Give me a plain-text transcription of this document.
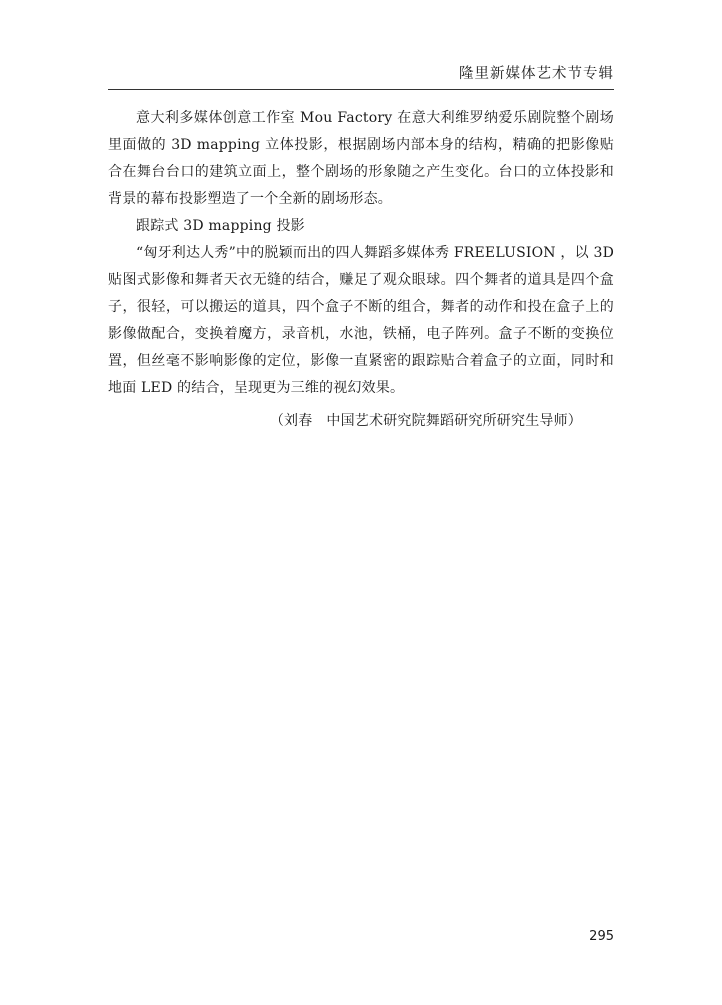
隆里新媒体艺术节专辑

意大利多媒体创意工作室 Mou Factory 在意大利维罗纳爱乐剧院整个剧场里面做的 3D mapping 立体投影，根据剧场内部本身的结构，精确的把影像贴合在舞台台口的建筑立面上，整个剧场的形象随之产生变化。台口的立体投影和背景的幕布投影塑造了一个全新的剧场形态。

跟踪式 3D mapping 投影

“匈牙利达人秀”中的脱颖而出的四人舞蹈多媒体秀 FREELUSION ，以 3D 贴图式影像和舞者天衣无缝的结合，赚足了观众眼球。四个舞者的道具是四个盒子，很轻，可以搬运的道具，四个盒子不断的组合，舞者的动作和投在盒子上的影像做配合，变换着魔方，录音机，水池，铁桶，电子阵列。盒子不断的变换位置，但丝毫不影响影像的定位，影像一直紧密的跟踪贴合着盒子的立面，同时和地面 LED 的结合，呈现更为三维的视幻效果。

（刘春   中国艺术研究院舞蹈研究所研究生导师）
295
